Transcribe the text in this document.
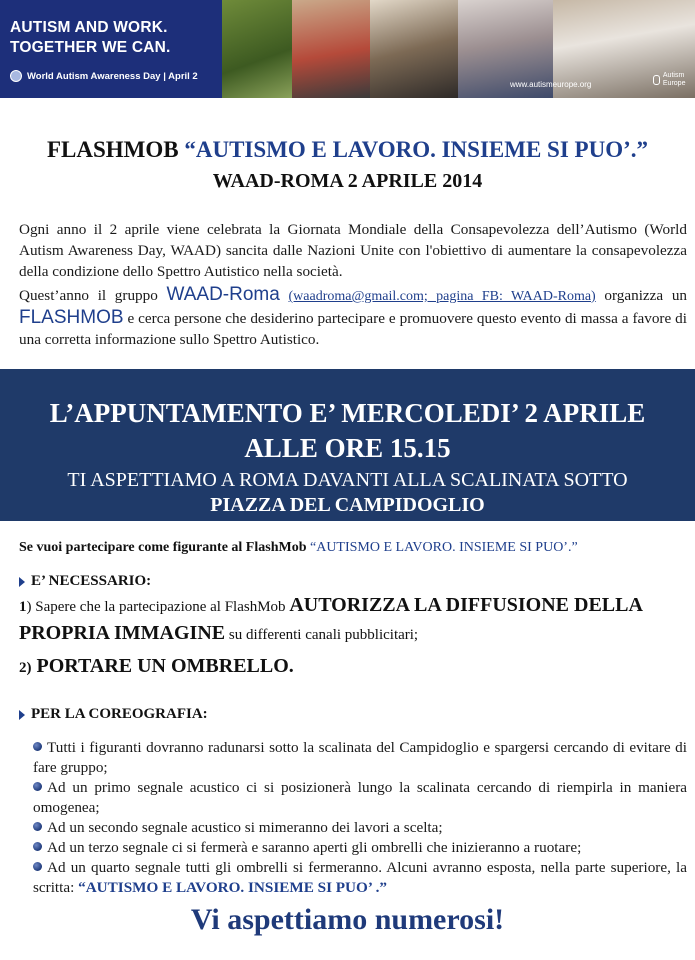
AUTISM AND WORK.
TOGETHER WE CAN.
World Autism Awareness Day | April 2
www.autismeurope.org
Autism Europe
FLASHMOB “AUTISMO E LAVORO. INSIEME SI PUO’.”
WAAD-ROMA 2 APRILE 2014

Ogni anno il 2 aprile viene celebrata la Giornata Mondiale della Consapevolezza dell’Autismo (World Autism Awareness Day, WAAD) sancita dalle Nazioni Unite con l'obiettivo di aumentare la consapevolezza della condizione dello Spettro Autistico nella società.

Quest’anno il gruppo WAAD-Roma (waadroma@gmail.com; pagina FB: WAAD-Roma) organizza un FLASHMOB e cerca persone che desiderino partecipare e promuovere questo evento di massa a favore di una corretta informazione sullo Spettro Autistico.

L’APPUNTAMENTO E’ MERCOLEDI’ 2 APRILE
ALLE ORE 15.15
TI ASPETTIAMO A ROMA DAVANTI ALLA SCALINATA SOTTO
PIAZZA DEL CAMPIDOGLIO
Se vuoi partecipare come figurante al FlashMob “AUTISMO E LAVORO. INSIEME SI PUO’.”
E’ NECESSARIO:
1) Sapere che la partecipazione al FlashMob AUTORIZZA LA DIFFUSIONE DELLA PROPRIA IMMAGINE su differenti canali pubblicitari;
2) PORTARE UN OMBRELLO.
PER LA COREOGRAFIA:
Tutti i figuranti dovranno radunarsi sotto la scalinata del Campidoglio e spargersi cercando di evitare di fare gruppo;
Ad un primo segnale acustico ci si posizionerà lungo la scalinata cercando di riempirla in maniera omogenea;
Ad un secondo segnale acustico si mimeranno dei lavori a scelta;
Ad un terzo segnale ci si fermerà e saranno aperti gli ombrelli che inizieranno a ruotare;
Ad un quarto segnale tutti gli ombrelli si fermeranno. Alcuni avranno esposta, nella parte superiore, la scritta: “AUTISMO E LAVORO. INSIEME SI PUO’ .”
Vi aspettiamo numerosi!
